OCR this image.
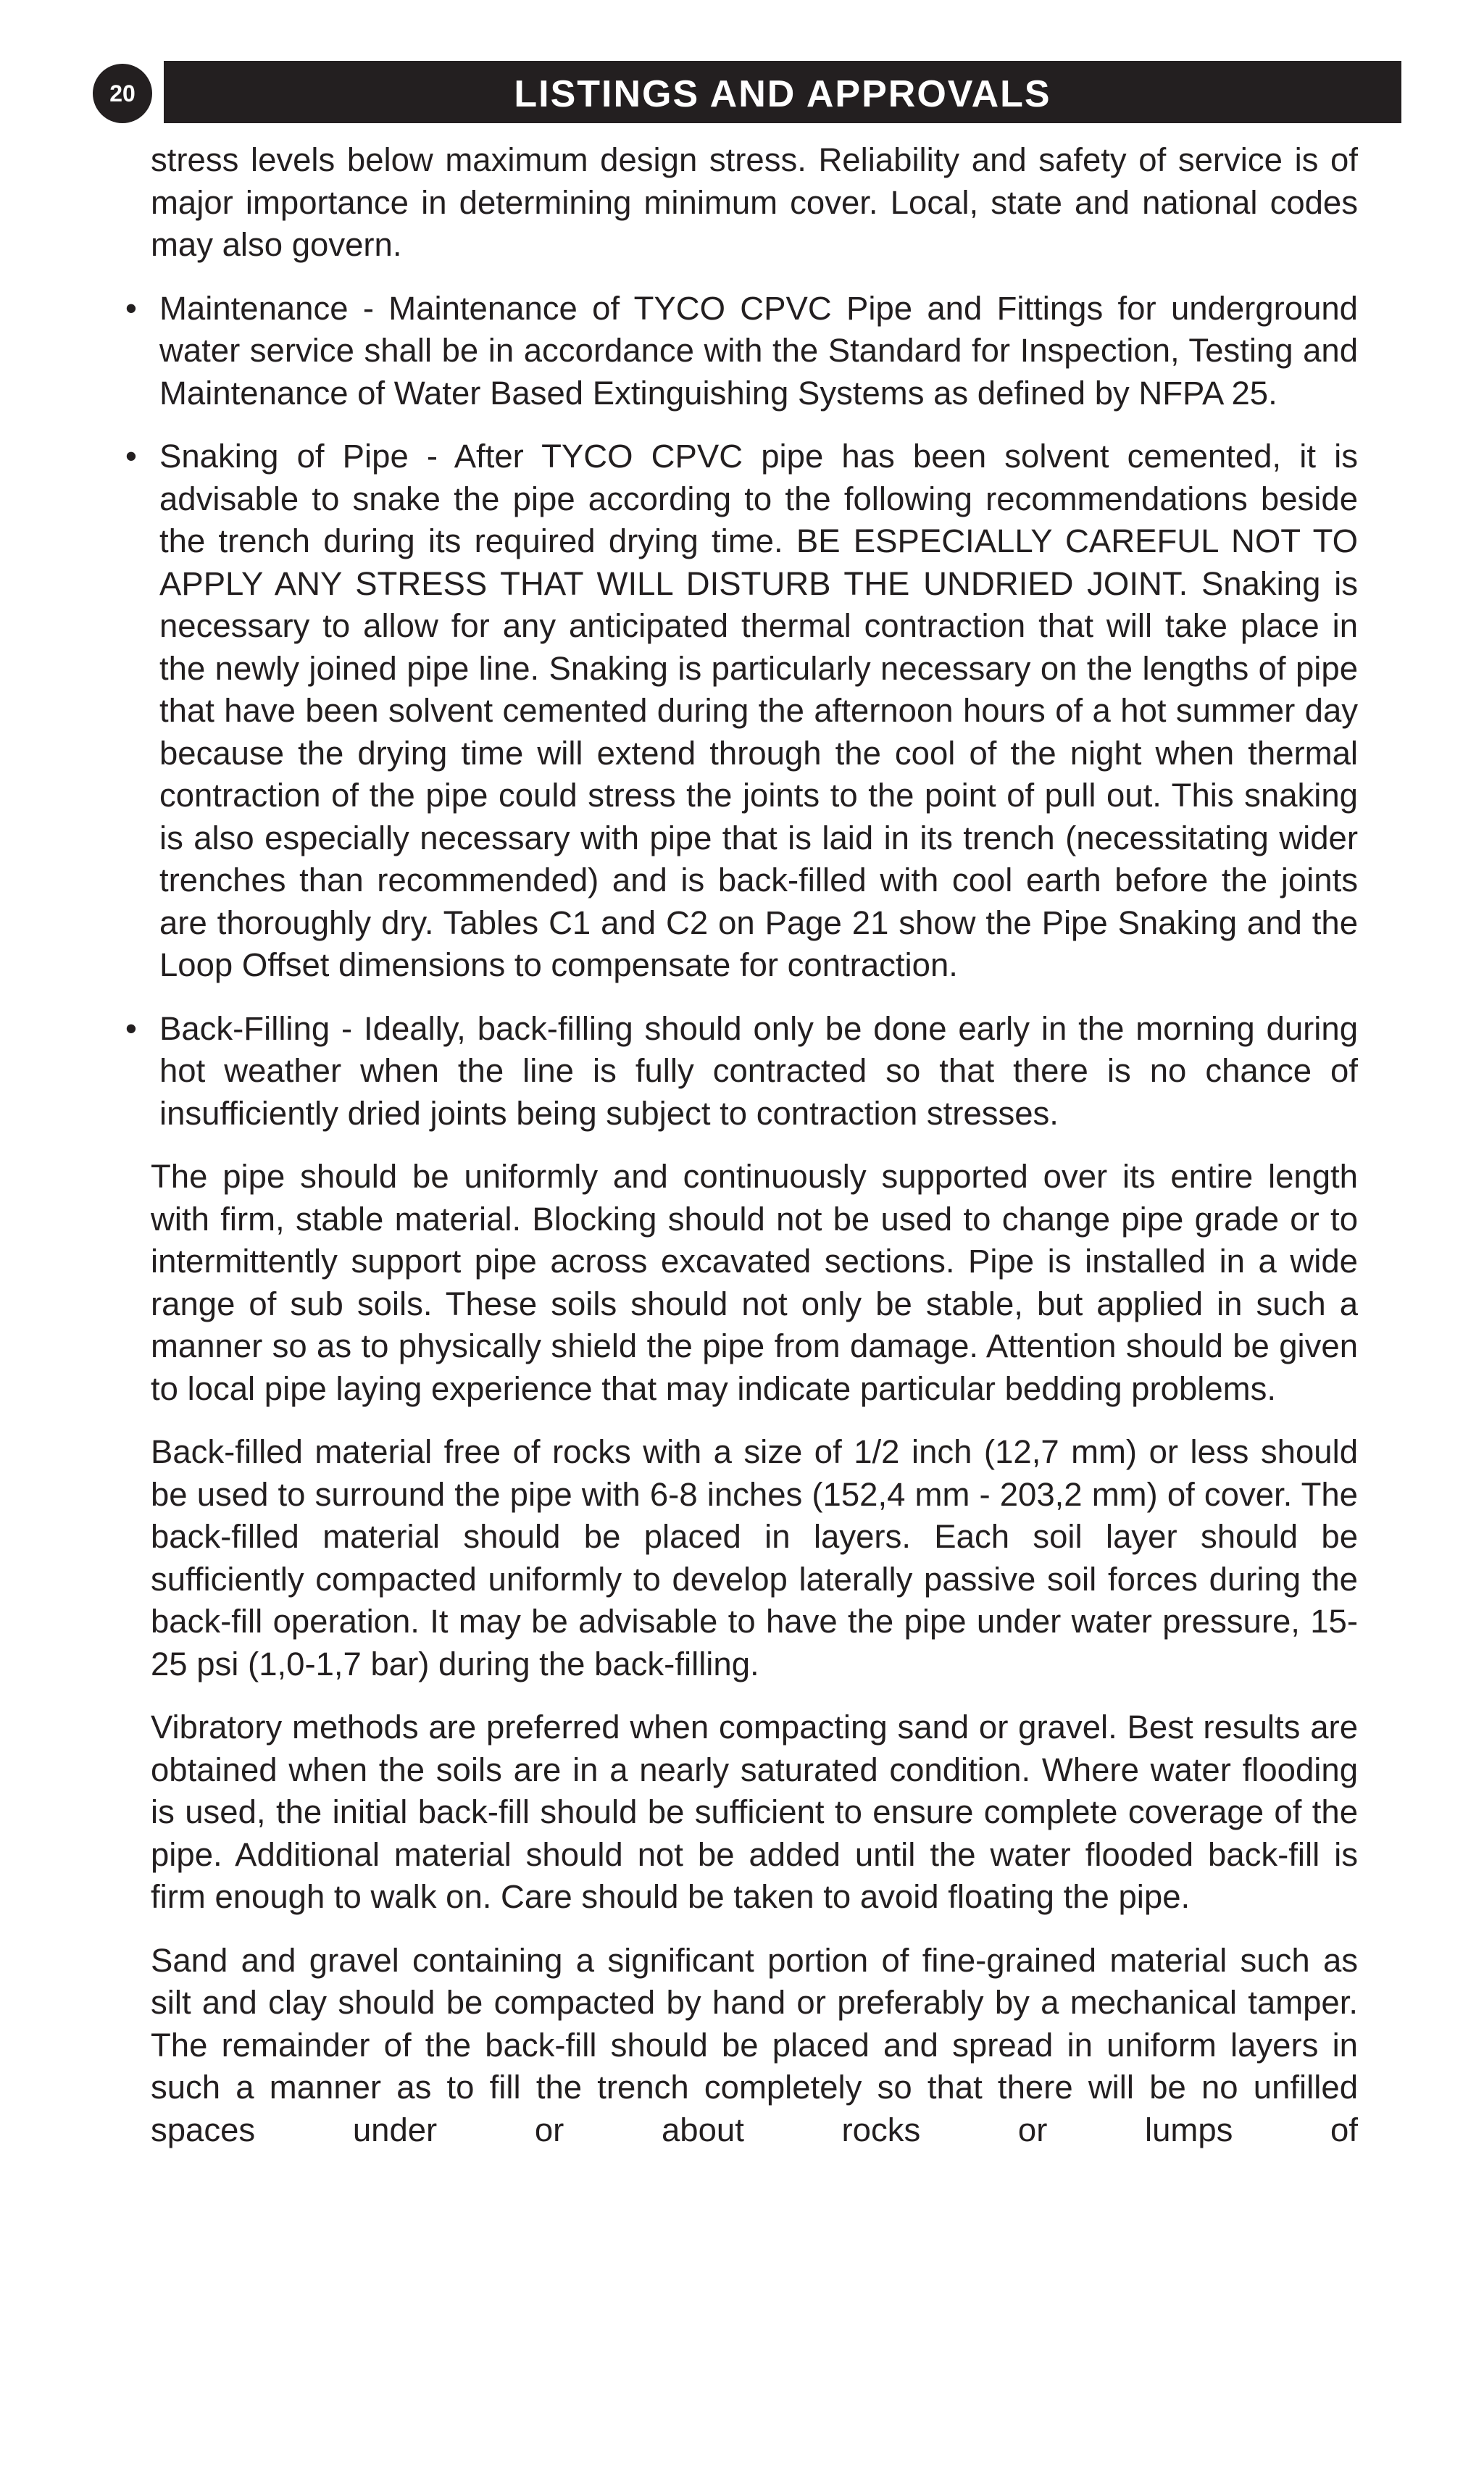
20	LISTINGS AND APPROVALS

stress levels below maximum design stress. Reliability and safety of service is of major importance in determining minimum cover. Local, state and national codes may also govern.

• Maintenance - Maintenance of TYCO CPVC Pipe and Fittings for underground water service shall be in accordance with the Standard for Inspection, Testing and Maintenance of Water Based Extinguishing Systems as defined by NFPA 25.
• Snaking of Pipe - After TYCO CPVC pipe has been solvent cemented, it is advisable to snake the pipe according to the following recommendations beside the trench during its required drying time. BE ESPECIALLY CAREFUL NOT TO APPLY ANY STRESS THAT WILL DISTURB THE UNDRIED JOINT. Snaking is necessary to allow for any anticipated thermal contraction that will take place in the newly joined pipe line. Snaking is particularly necessary on the lengths of pipe that have been solvent cemented during the afternoon hours of a hot summer day because the drying time will extend through the cool of the night when thermal contraction of the pipe could stress the joints to the point of pull out. This snaking is also especially necessary with pipe that is laid in its trench (necessitating wider trenches than recommended) and is back-filled with cool earth before the joints are thoroughly dry. Tables C1 and C2 on Page 21 show the Pipe Snaking and the Loop Offset dimensions to compensate for contraction.
• Back-Filling - Ideally, back-filling should only be done early in the morning during hot weather when the line is fully contracted so that there is no chance of insufficiently dried joints being subject to contraction stresses.

The pipe should be uniformly and continuously supported over its entire length with firm, stable material. Blocking should not be used to change pipe grade or to intermittently support pipe across excavated sections. Pipe is installed in a wide range of sub soils. These soils should not only be stable, but applied in such a manner so as to physically shield the pipe from damage. Attention should be given to local pipe laying experience that may indicate particular bedding problems.

Back-filled material free of rocks with a size of 1/2 inch (12,7 mm) or less should be used to surround the pipe with 6-8 inches (152,4 mm - 203,2 mm) of cover. The back-filled material should be placed in layers. Each soil layer should be sufficiently compacted uniformly to develop laterally passive soil forces during the back-fill operation. It may be advisable to have the pipe under water pressure, 15-25 psi (1,0-1,7 bar) during the back-filling.

Vibratory methods are preferred when compacting sand or gravel. Best results are obtained when the soils are in a nearly saturated condition. Where water flooding is used, the initial back-fill should be sufficient to ensure complete coverage of the pipe. Additional material should not be added until the water flooded back-fill is firm enough to walk on. Care should be taken to avoid floating the pipe.

Sand and gravel containing a significant portion of fine-grained material such as silt and clay should be compacted by hand or preferably by a mechanical tamper. The remainder of the back-fill should be placed and spread in uniform layers in such a manner as to fill the trench completely so that there will be no unfilled spaces under or about rocks or lumps of
